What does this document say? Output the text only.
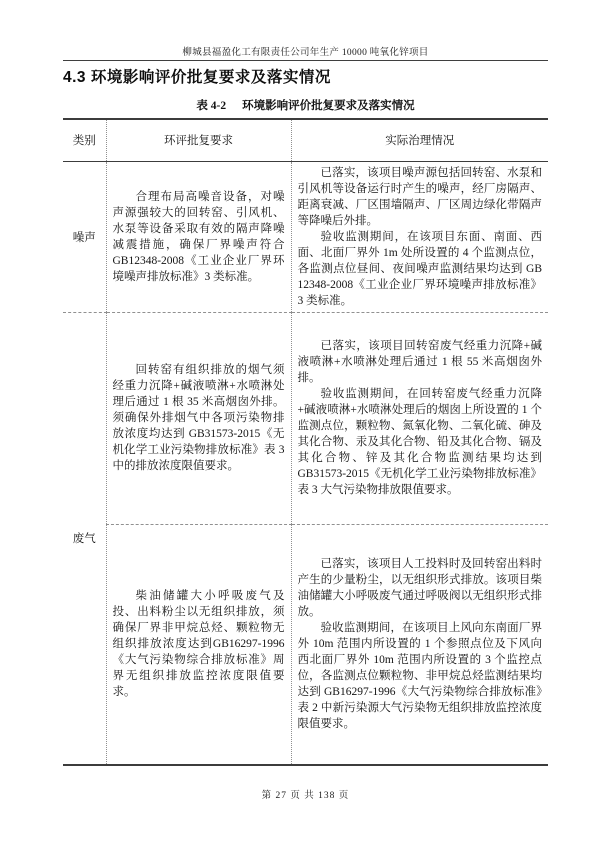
柳城县福盈化工有限责任公司年生产 10000 吨氧化锌项目
4.3 环境影响评价批复要求及落实情况
表 4-2 环境影响评价批复要求及落实情况
类别	环评批复要求	实际治理情况
噪声	合理布局高噪音设备，对噪声源强较大的回转窑、引风机、水泵等设备采取有效的隔声降噪减震措施，确保厂界噪声符合GB12348-2008《工业企业厂界环境噪声排放标准》3 类标准。	已落实，该项目噪声源包括回转窑、水泵和引风机等设备运行时产生的噪声，经厂房隔声、距离衰减、厂区围墙隔声、厂区周边绿化带隔声等降噪后外排。

验收监测期间，在该项目东面、南面、西面、北面厂界外 1m 处所设置的 4 个监测点位，各监测点位昼间、夜间噪声监测结果均达到 GB 12348-2008《工业企业厂界环境噪声排放标准》3 类标准。

废气	回转窑有组织排放的烟气须经重力沉降+碱液喷淋+水喷淋处理后通过 1 根 35 米高烟囱外排。须确保外排烟气中各项污染物排放浓度均达到 GB31573-2015《无机化学工业污染物排放标准》表 3 中的排放浓度限值要求。	已落实，该项目回转窑废气经重力沉降+碱液喷淋+水喷淋处理后通过 1 根 55 米高烟囱外排。

验收监测期间，在回转窑废气经重力沉降+碱液喷淋+水喷淋处理后的烟囱上所设置的 1 个监测点位，颗粒物、氮氧化物、二氧化硫、砷及其化合物、汞及其化合物、铅及其化合物、镉及其化合物、锌及其化合物监测结果均达到 GB31573-2015《无机化学工业污染物排放标准》表 3 大气污染物排放限值要求。

	柴油储罐大小呼吸废气及投、出料粉尘以无组织排放，须确保厂界非甲烷总烃、颗粒物无组织排放浓度达到GB16297-1996《大气污染物综合排放标准》周界无组织排放监控浓度限值要求。	已落实，该项目人工投料时及回转窑出料时产生的少量粉尘，以无组织形式排放。该项目柴油储罐大小呼吸废气通过呼吸阀以无组织形式排放。

验收监测期间，在该项目上风向东南面厂界外 10m 范围内所设置的 1 个参照点位及下风向西北面厂界外 10m 范围内所设置的 3 个监控点位，各监测点位颗粒物、非甲烷总烃监测结果均达到 GB16297-1996《大气污染物综合排放标准》表 2 中新污染源大气污染物无组织排放监控浓度限值要求。

第 27 页 共 138 页
